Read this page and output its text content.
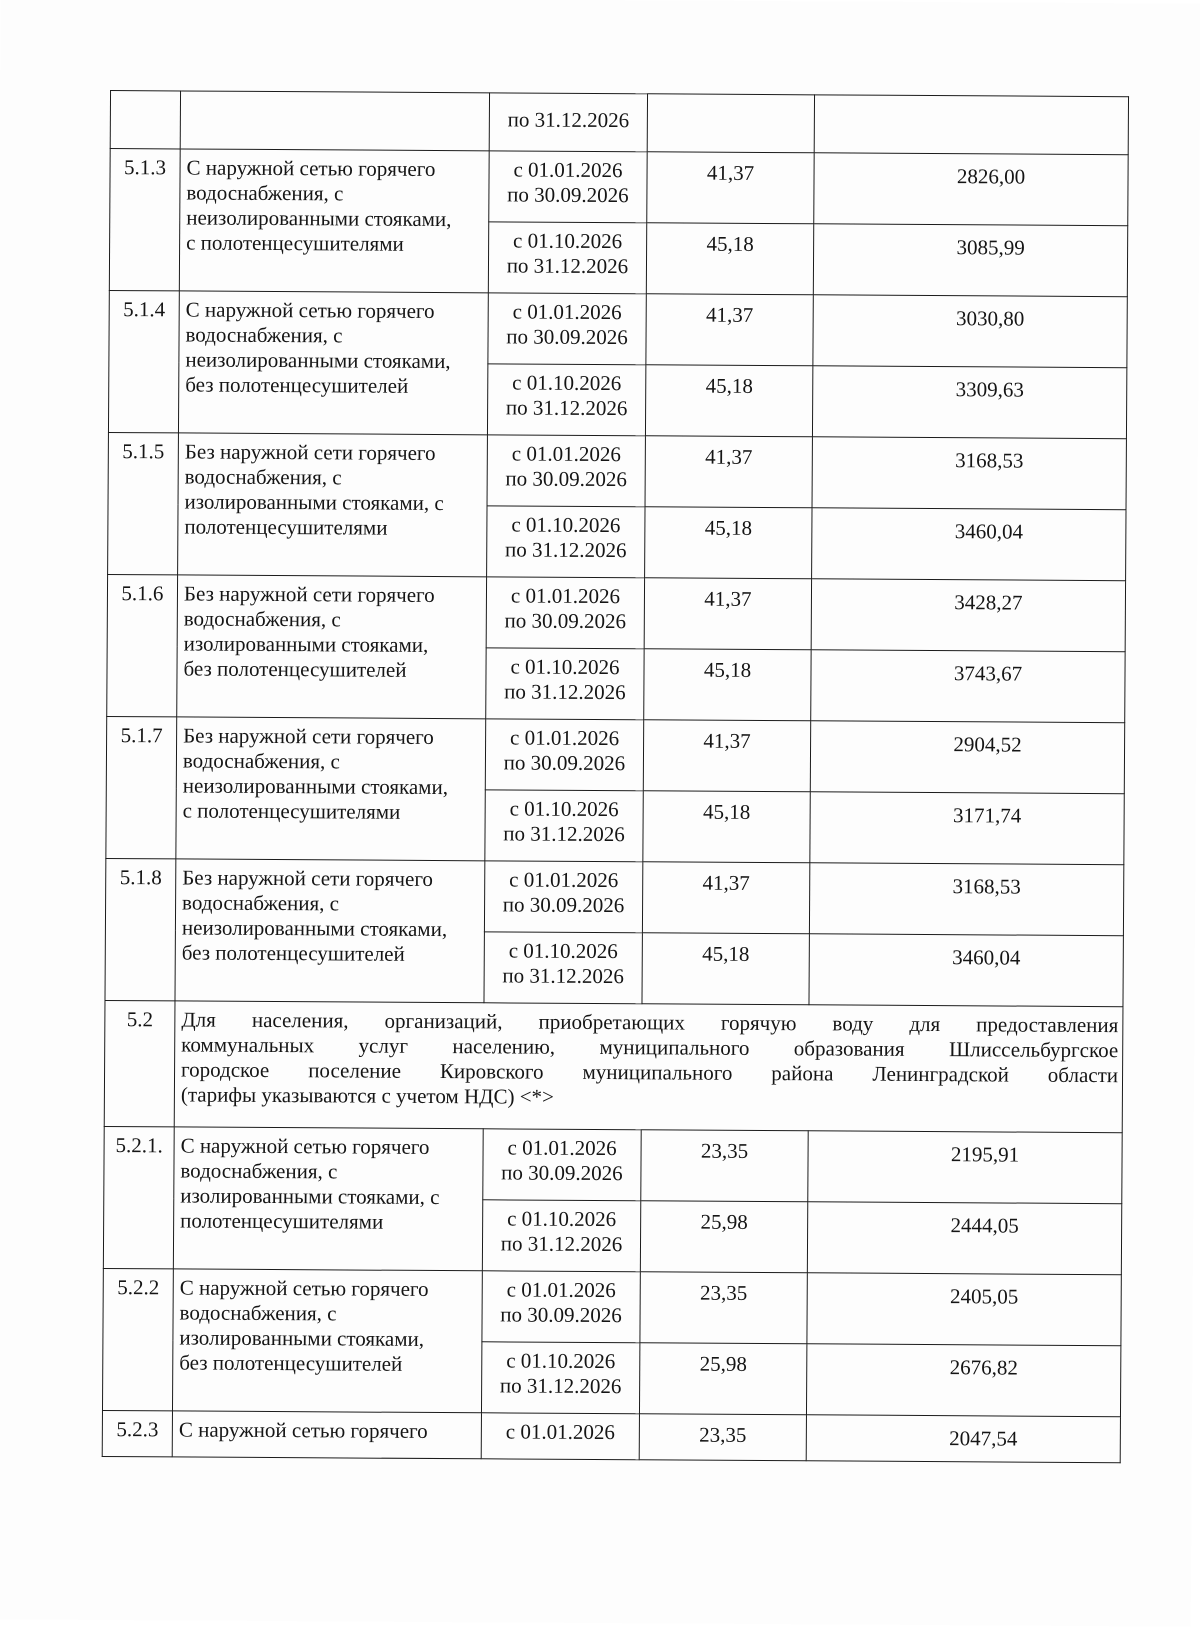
		по 31.12.2026		

5.1.3	С наружной сетью горячего
водоснабжения, с
неизолированными стояками,
с полотенцесушителями	с 01.01.2026
по 30.09.2026	41,37	2826,00

		с 01.10.2026
по 31.12.2026	45,18	3085,99
5.1.4	С наружной сетью горячего
водоснабжения, с
неизолированными стояками,
без полотенцесушителей	с 01.01.2026
по 30.09.2026	41,37	3030,80

		с 01.10.2026
по 31.12.2026	45,18	3309,63
5.1.5	Без наружной сети горячего
водоснабжения, с
изолированными стояками, с
полотенцесушителями	с 01.01.2026
по 30.09.2026	41,37	3168,53

		с 01.10.2026
по 31.12.2026	45,18	3460,04
5.1.6	Без наружной сети горячего
водоснабжения, с
изолированными стояками,
без полотенцесушителей	с 01.01.2026
по 30.09.2026	41,37	3428,27

		с 01.10.2026
по 31.12.2026	45,18	3743,67
5.1.7	Без наружной сети горячего
водоснабжения, с
неизолированными стояками,
с полотенцесушителями	с 01.01.2026
по 30.09.2026	41,37	2904,52

		с 01.10.2026
по 31.12.2026	45,18	3171,74
5.1.8	Без наружной сети горячего
водоснабжения, с
неизолированными стояками,
без полотенцесушителей	с 01.01.2026
по 30.09.2026	41,37	3168,53

		с 01.10.2026
по 31.12.2026	45,18	3460,04
5.2	Для населения, организаций, приобретающих горячую воду для предоставления
коммунальных услуг населению, муниципального образования Шлиссельбургское
городское поселение Кировского муниципального района Ленинградской области
(тарифы указываются с учетом НДС) <*>			

5.2.1.	С наружной сетью горячего
водоснабжения, с
изолированными стояками, с
полотенцесушителями	с 01.01.2026
по 30.09.2026	23,35	2195,91

		с 01.10.2026
по 31.12.2026	25,98	2444,05
5.2.2	С наружной сетью горячего
водоснабжения, с
изолированными стояками,
без полотенцесушителей	с 01.01.2026
по 30.09.2026	23,35	2405,05

		с 01.10.2026
по 31.12.2026	25,98	2676,82
5.2.3	С наружной сетью горячего	с 01.01.2026	23,35	2047,54
